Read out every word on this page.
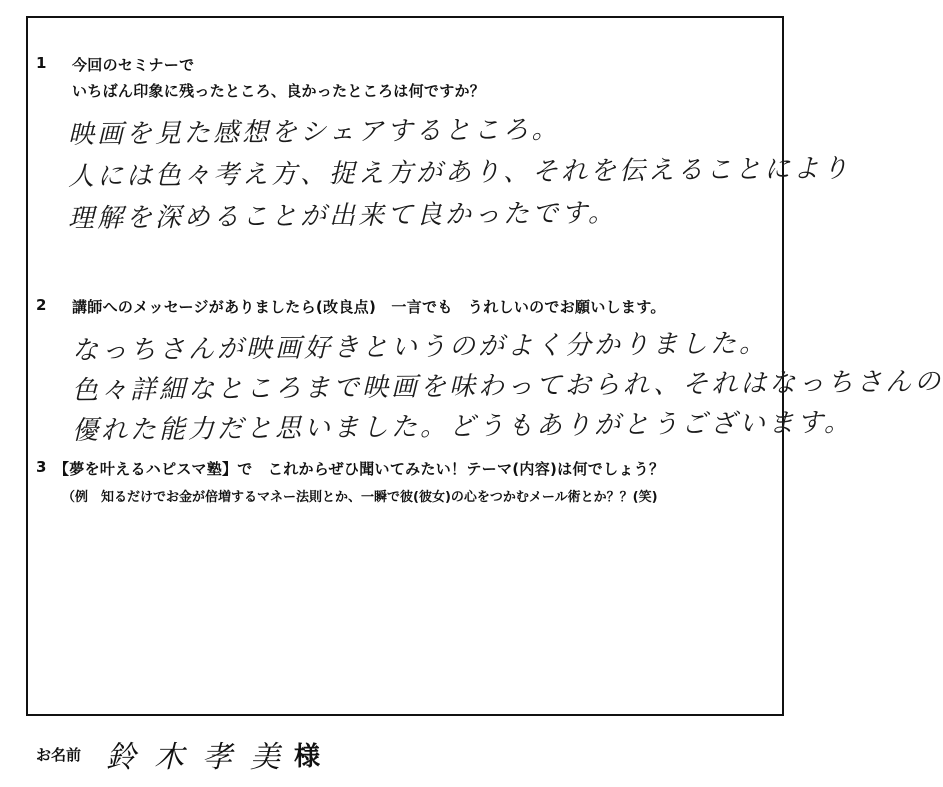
1 今回のセミナーで
いちばん印象に残ったところ、良かったところは何ですか？
映画を見た感想をシェアするところ。
人には色々考え方、捉え方があり、それを伝えることにより
理解を深めることが出来て良かったです。
2 講師へのメッセージがありましたら(改良点)　一言でも　うれしいのでお願いします。
なっちさんが映画好きというのがよく分かりました。
色々詳細なところまで映画を味わっておられ、それはなっちさんの
優れた能力だと思いました。どうもありがとうございます。
3 【夢を叶えるハピスマ塾】で　これからぜひ聞いてみたい！テーマ(内容)は何でしょう？
（例　知るだけでお金が倍増するマネー法則とか、一瞬で彼(彼女)の心をつかむメール術とか？？(笑)
お名前 鈴木孝美
様
